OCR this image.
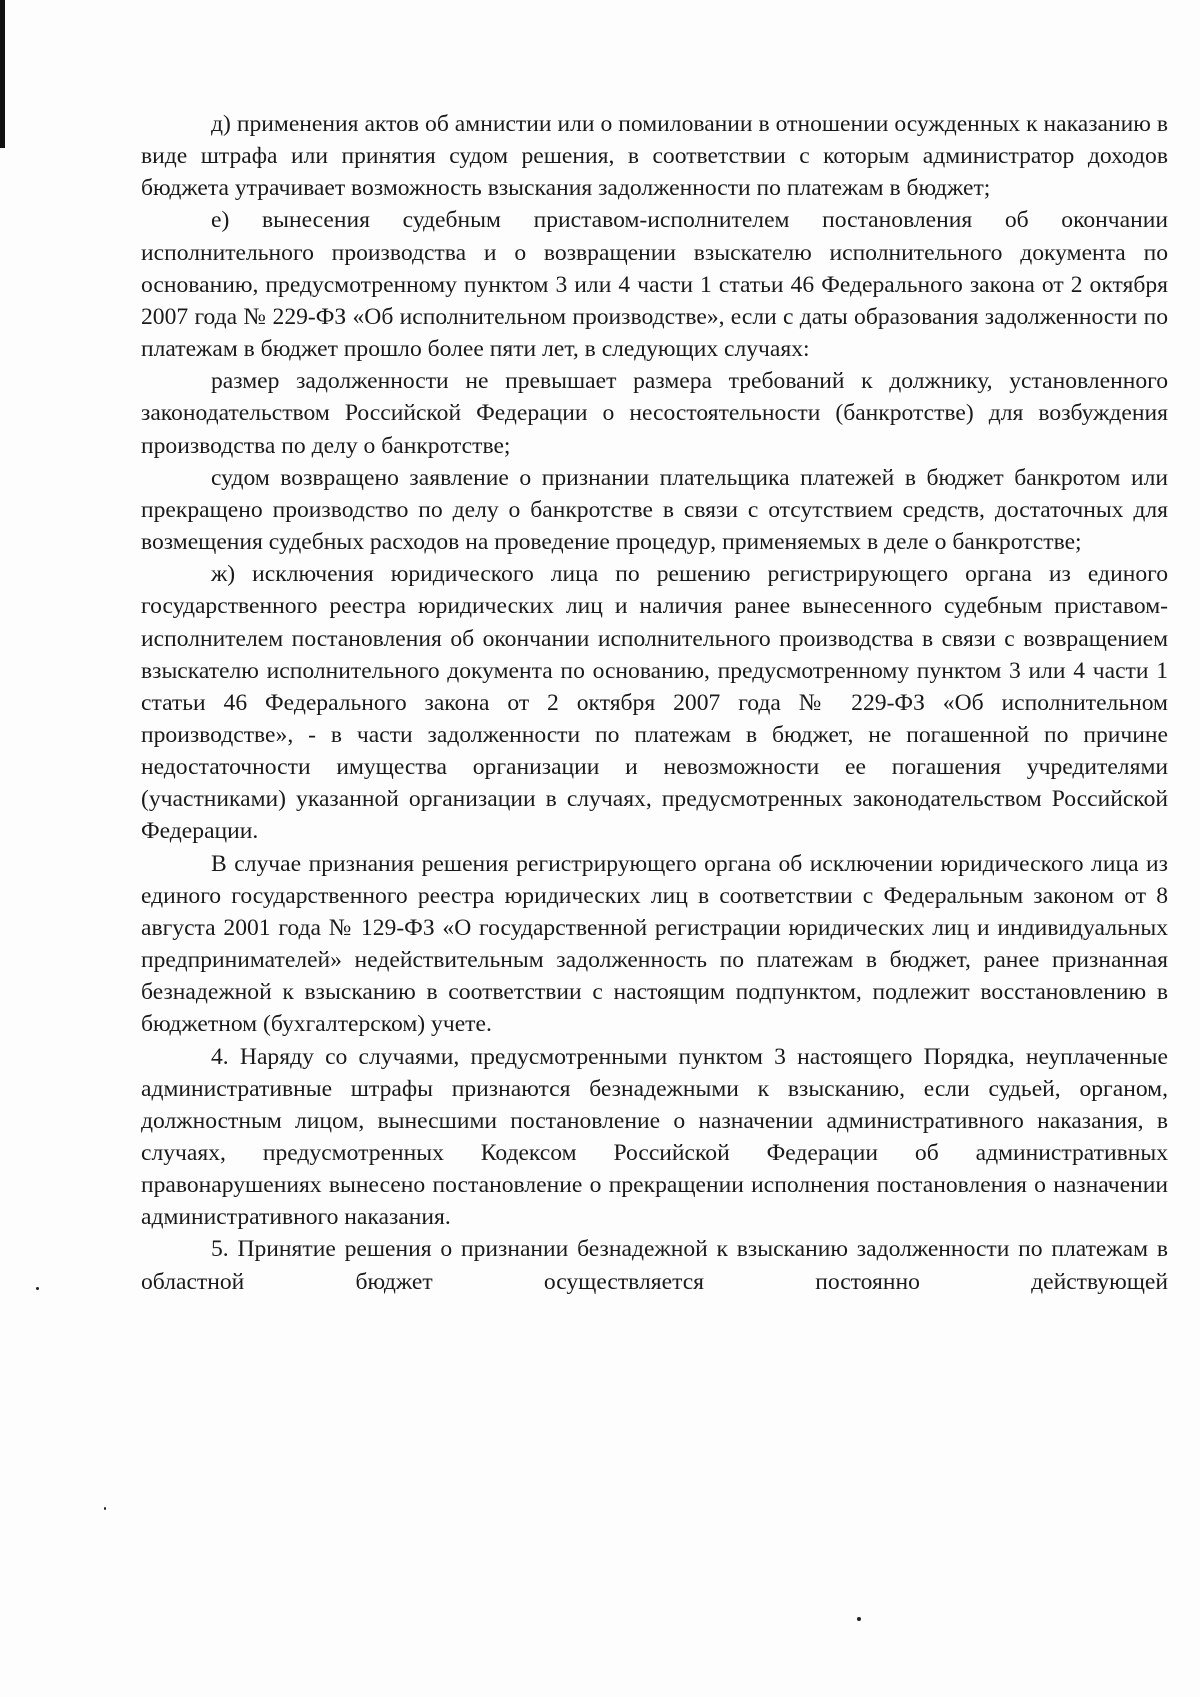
д) применения актов об амнистии или о помиловании в отношении осужденных к наказанию в виде штрафа или принятия судом решения, в соответствии с которым администратор доходов бюджета утрачивает возможность взыскания задолженности по платежам в бюджет;

е) вынесения судебным приставом-исполнителем постановления об окончании исполнительного производства и о возвращении взыскателю исполнительного документа по основанию, предусмотренному пунктом 3 или 4 части 1 статьи 46 Федерального закона от 2 октября 2007 года № 229-ФЗ «Об исполнительном производстве», если с даты образования задолженности по платежам в бюджет прошло более пяти лет, в следующих случаях:

размер задолженности не превышает размера требований к должнику, установленного законодательством Российской Федерации о несостоятельности (банкротстве) для возбуждения производства по делу о банкротстве;

судом возвращено заявление о признании плательщика платежей в бюджет банкротом или прекращено производство по делу о банкротстве в связи с отсутствием средств, достаточных для возмещения судебных расходов на проведение процедур, применяемых в деле о банкротстве;

ж) исключения юридического лица по решению регистрирующего органа из единого государственного реестра юридических лиц и наличия ранее вынесенного судебным приставом-исполнителем постановления об окончании исполнительного производства в связи с возвращением взыскателю исполнительного документа по основанию, предусмотренному пунктом 3 или 4 части 1 статьи 46 Федерального закона от 2 октября 2007 года № 229-ФЗ «Об исполнительном производстве», - в части задолженности по платежам в бюджет, не погашенной по причине недостаточности имущества организации и невозможности ее погашения учредителями (участниками) указанной организации в случаях, предусмотренных законодательством Российской Федерации.

В случае признания решения регистрирующего органа об исключении юридического лица из единого государственного реестра юридических лиц в соответствии с Федеральным законом от 8 августа 2001 года № 129-ФЗ «О государственной регистрации юридических лиц и индивидуальных предпринимателей» недействительным задолженность по платежам в бюджет, ранее признанная безнадежной к взысканию в соответствии с настоящим подпунктом, подлежит восстановлению в бюджетном (бухгалтерском) учете.

4. Наряду со случаями, предусмотренными пунктом 3 настоящего Порядка, неуплаченные административные штрафы признаются безнадежными к взысканию, если судьей, органом, должностным лицом, вынесшими постановление о назначении административного наказания, в случаях, предусмотренных Кодексом Российской Федерации об административных правонарушениях вынесено постановление о прекращении исполнения постановления о назначении административного наказания.

5. Принятие решения о признании безнадежной к взысканию задолженности по платежам в областной бюджет осуществляется постоянно действующей
